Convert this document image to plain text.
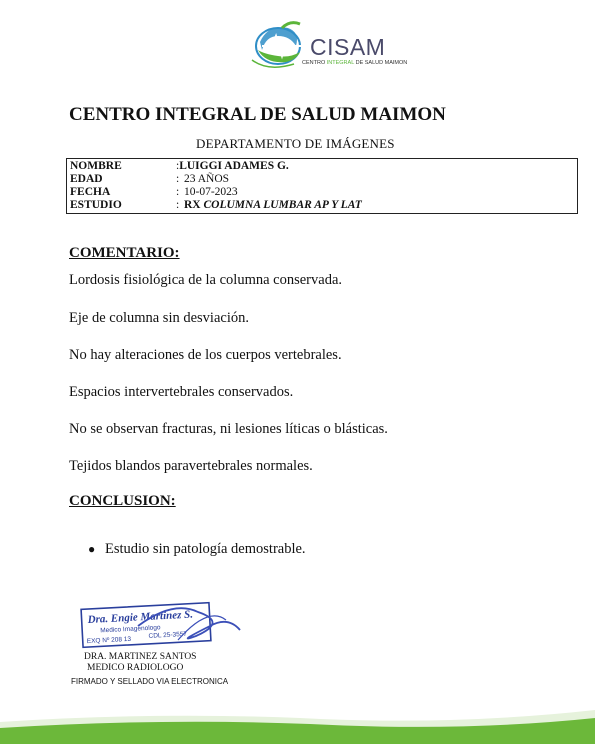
CISAM
CENTRO INTEGRAL DE SALUD MAIMON
CENTRO INTEGRAL DE SALUD MAIMON
DEPARTAMENTO DE IMÁGENES
NOMBRE	:LUIGGI ADAMES G.
EDAD	: 23 AÑOS
FECHA	: 10-07-2023
ESTUDIO	: RX COLUMNA LUMBAR AP Y LAT
COMENTARIO:
Lordosis fisiológica de la columna conservada.
Eje de columna sin desviación.
No hay alteraciones de los cuerpos vertebrales.
Espacios intervertebrales conservados.
No se observan fracturas, ni lesiones líticas o blásticas.
Tejidos blandos paravertebrales normales.
CONCLUSION:
● Estudio sin patología demostrable.
Dra. Engie Martinez S.
Medico Imagenologo
EXQ Nº 208 13
CDL 25-3557
DRA. MARTINEZ SANTOS
MEDICO RADIOLOGO
FIRMADO Y SELLADO VIA ELECTRONICA
